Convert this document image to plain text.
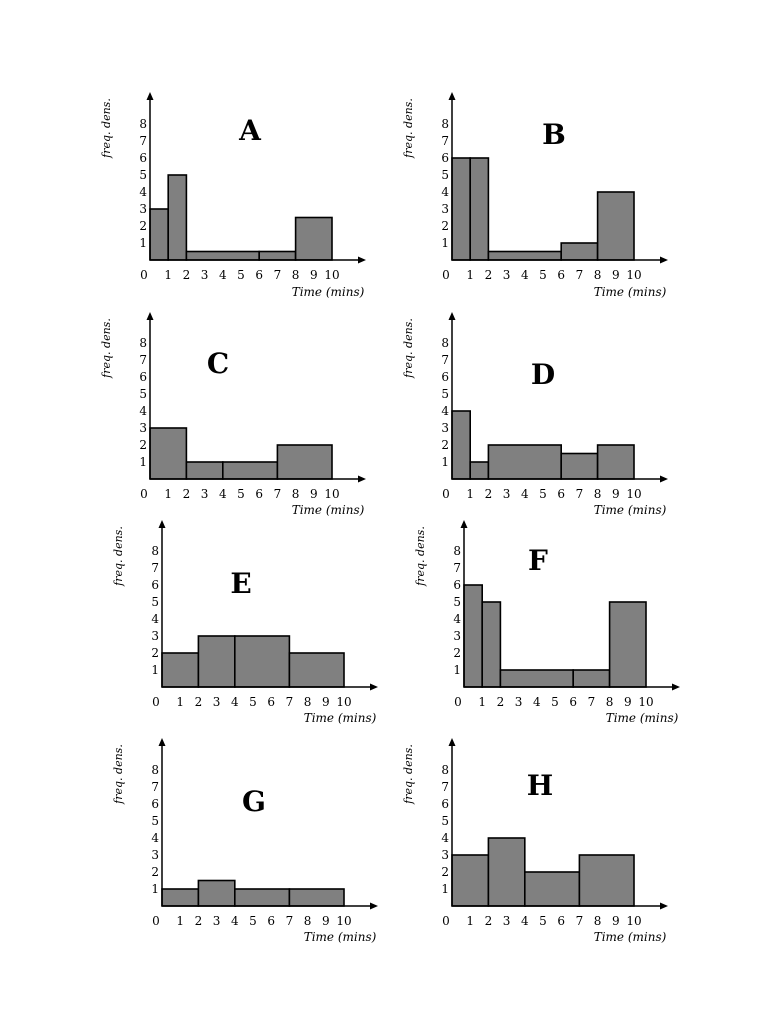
0 1 2 3 4 5 6 7 8 9 10
1
2
3
4
5
6
7
8
freq. dens.
Time (mins)
A
0 1 2 3 4 5 6 7 8 9 10
1
2
3
4
5
6
7
8
freq. dens.
Time (mins)
B
0 1 2 3 4 5 6 7 8 9 10
1
2
3
4
5
6
7
8
freq. dens.
Time (mins)
C
0 1 2 3 4 5 6 7 8 9 10
1
2
3
4
5
6
7
8
freq. dens.
Time (mins)
D
0 1 2 3 4 5 6 7 8 9 10
1
2
3
4
5
6
7
8
freq. dens.
Time (mins)
E
0 1 2 3 4 5 6 7 8 9 10
1
2
3
4
5
6
7
8
freq. dens.
Time (mins)
F
0 1 2 3 4 5 6 7 8 9 10
1
2
3
4
5
6
7
8
freq. dens.
Time (mins)
G
0 1 2 3 4 5 6 7 8 9 10
1
2
3
4
5
6
7
8
freq. dens.
Time (mins)
H
